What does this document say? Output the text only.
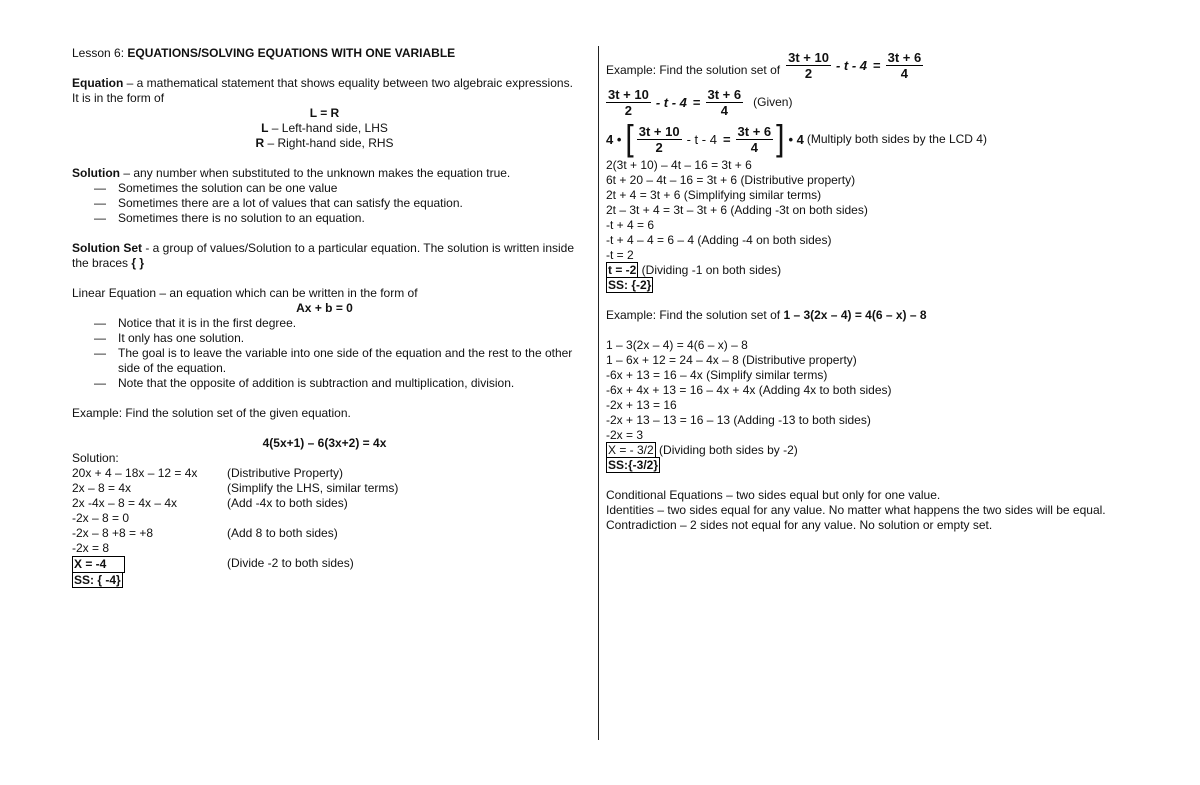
Lesson 6: EQUATIONS/SOLVING EQUATIONS WITH ONE VARIABLE

Equation – a mathematical statement that shows equality between two algebraic expressions. It is in the form of

L = R

L – Left-hand side, LHS

R – Right-hand side, RHS

Solution – any number when substituted to the unknown makes the equation true.

— Sometimes the solution can be one value

— Sometimes there are a lot of values that can satisfy the equation.

— Sometimes there is no solution to an equation.

Solution Set - a group of values/Solution to a particular equation. The solution is written inside the braces { }

Linear Equation – an equation which can be written in the form of

Ax + b = 0

— Notice that it is in the first degree.

— It only has one solution.

— The goal is to leave the variable into one side of the equation and the rest to the other side of the equation.

— Note that the opposite of addition is subtraction and multiplication, division.

Example: Find the solution set of the given equation.

4(5x+1) – 6(3x+2) = 4x

Solution:

20x + 4 – 18x – 12 = 4x	(Distributive Property)
2x – 8 = 4x	(Simplify the LHS, similar terms)
2x -4x – 8 = 4x – 4x	(Add -4x to both sides)
-2x – 8 = 0
-2x – 8 +8 = +8	(Add 8 to both sides)
-2x = 8
X = -4	(Divide -2 to both sides)

SS: { -4}

Example: Find the solution set of $\frac{3t + 10}{2} - t - 4 = \frac{3t + 6}{4}$
$\frac{3t + 10}{2} - t - 4 = \frac{3t + 6}{4}$ (Given)
4 • [ $\frac{3t + 10}{2} - t - 4 = \frac{3t + 6}{4}$ ] 4 • (Multiply both sides by the LCD 4)

2(3t + 10) – 4t – 16 = 3t + 6

6t + 20 – 4t – 16 = 3t + 6 (Distributive property)

2t + 4 = 3t + 6 (Simplifying similar terms)

2t – 3t + 4 = 3t – 3t + 6 (Adding -3t on both sides)

-t + 4 = 6

-t + 4 – 4 = 6 – 4 (Adding -4 on both sides)

-t = 2

t = -2 (Dividing -1 on both sides)

SS: {-2}

Example: Find the solution set of 1 – 3(2x – 4) = 4(6 – x) – 8

1 – 3(2x – 4) = 4(6 – x) – 8

1 – 6x + 12 = 24 – 4x – 8 (Distributive property)

-6x + 13 = 16 – 4x (Simplify similar terms)

-6x + 4x + 13 = 16 – 4x + 4x (Adding 4x to both sides)

-2x + 13 = 16

-2x + 13 – 13 = 16 – 13 (Adding -13 to both sides)

-2x = 3

X = - 3/2 (Dividing both sides by -2)

SS:{-3/2}

Conditional Equations – two sides equal but only for one value.

Identities – two sides equal for any value. No matter what happens the two sides will be equal.

Contradiction – 2 sides not equal for any value. No solution or empty set.
